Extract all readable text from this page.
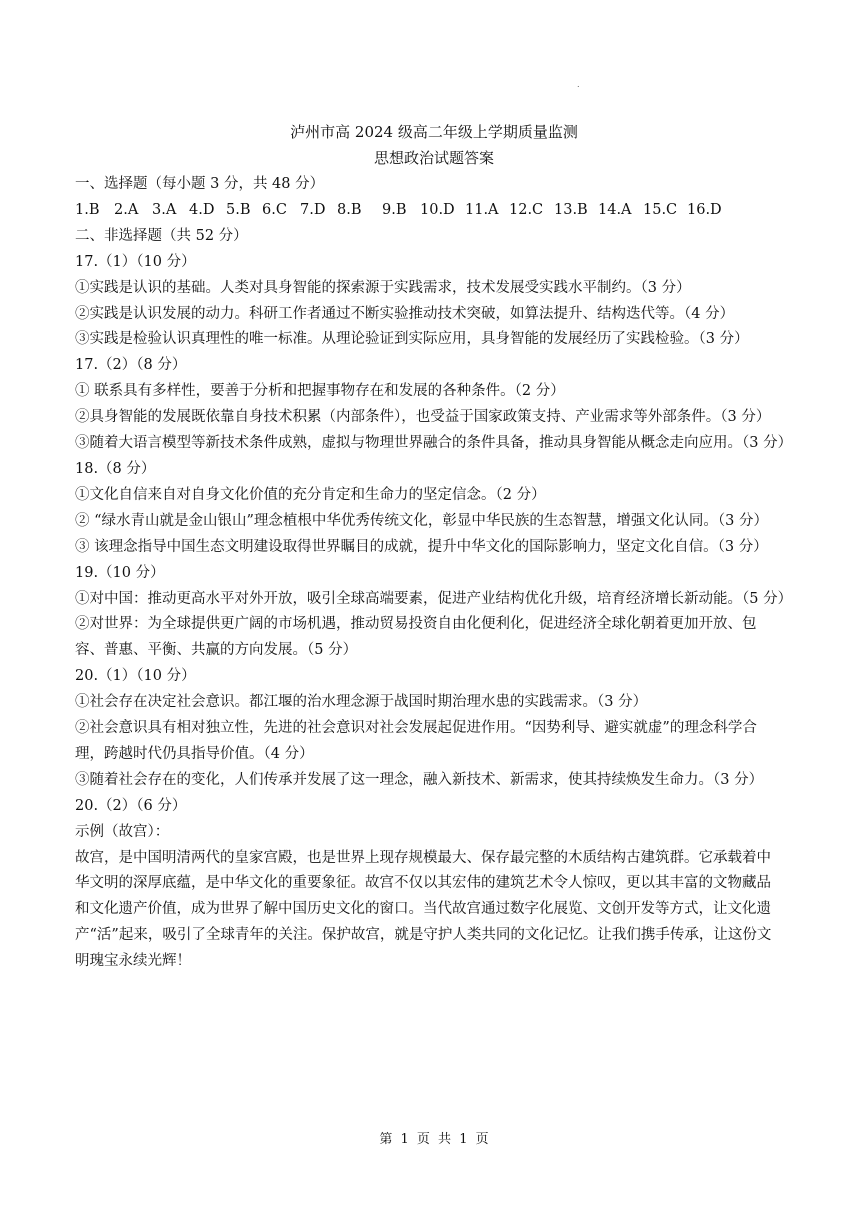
.
泸州市高 2024 级高二年级上学期质量监测
思想政治试题答案
一、选择题（每小题 3 分，共 48 分）
1.B	2.A 3.A 4.D 5.B 6.C 7.D 8.B	9.B 10.D 11.A 12.C 13.B 14.A 15.C 16.D
二、非选择题（共 52 分）
17.（1）（10 分）
①实践是认识的基础。人类对具身智能的探索源于实践需求，技术发展受实践水平制约。（3 分）
②实践是认识发展的动力。科研工作者通过不断实验推动技术突破，如算法提升、结构迭代等。（4 分）
③实践是检验认识真理性的唯一标准。从理论验证到实际应用，具身智能的发展经历了实践检验。（3 分）
17.（2）（8 分）
① 联系具有多样性，要善于分析和把握事物存在和发展的各种条件。（2 分）
②具身智能的发展既依靠自身技术积累（内部条件），也受益于国家政策支持、产业需求等外部条件。（3 分）
③随着大语言模型等新技术条件成熟，虚拟与物理世界融合的条件具备，推动具身智能从概念走向应用。（3 分）
18.（8 分）
①文化自信来自对自身文化价值的充分肯定和生命力的坚定信念。（2 分）
② “绿水青山就是金山银山”理念植根中华优秀传统文化，彰显中华民族的生态智慧，增强文化认同。（3 分）
③ 该理念指导中国生态文明建设取得世界瞩目的成就，提升中华文化的国际影响力，坚定文化自信。（3 分）
19.（10 分）
①对中国：推动更高水平对外开放，吸引全球高端要素，促进产业结构优化升级，培育经济增长新动能。（5 分）
②对世界：为全球提供更广阔的市场机遇，推动贸易投资自由化便利化，促进经济全球化朝着更加开放、包容、普惠、平衡、共赢的方向发展。（5 分）
20.（1）（10 分）
①社会存在决定社会意识。都江堰的治水理念源于战国时期治理水患的实践需求。（3 分）
②社会意识具有相对独立性，先进的社会意识对社会发展起促进作用。“因势利导、避实就虚”的理念科学合理，跨越时代仍具指导价值。（4 分）
③随着社会存在的变化，人们传承并发展了这一理念，融入新技术、新需求，使其持续焕发生命力。（3 分）
20.（2）（6 分）
示例（故宫）：
故宫，是中国明清两代的皇家宫殿，也是世界上现存规模最大、保存最完整的木质结构古建筑群。它承载着中华文明的深厚底蕴，是中华文化的重要象征。故宫不仅以其宏伟的建筑艺术令人惊叹，更以其丰富的文物藏品和文化遗产价值，成为世界了解中国历史文化的窗口。当代故宫通过数字化展览、文创开发等方式，让文化遗产“活”起来，吸引了全球青年的关注。保护故宫，就是守护人类共同的文化记忆。让我们携手传承，让这份文明瑰宝永续光辉！
第 1 页 共 1 页
